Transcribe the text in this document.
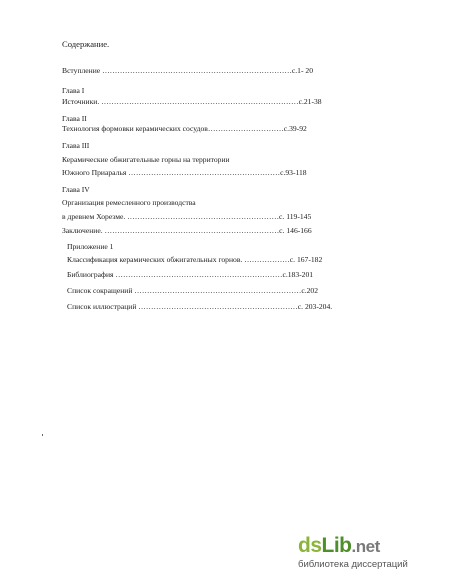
Содержание.
Вступление …………………………………………………………………с.1- 20
Глава I
Источники. ……………………………………………………………………с.21-38
Глава II
Технология формовки керамических сосудов…………………………с.39-92
Глава III
Керамические обжигательные горны на территории
Южного Приаралья ……………………………………………………с.93-118
Глава IV
Организация ремесленного производства
в древнем Хорезме. ……………………………………………………с. 119-145
Заключение. ……………………………………………………………с. 146-166
Приложение 1
Классификация керамических обжигательных горнов. ………………с. 167-182
Библиография …………………………………………………………с.183-201
Список сокращений …………………………………………………………с.202
Список иллюстраций ………………………………………………………с. 203-204.
dsLib.net
библиотека диссертаций
